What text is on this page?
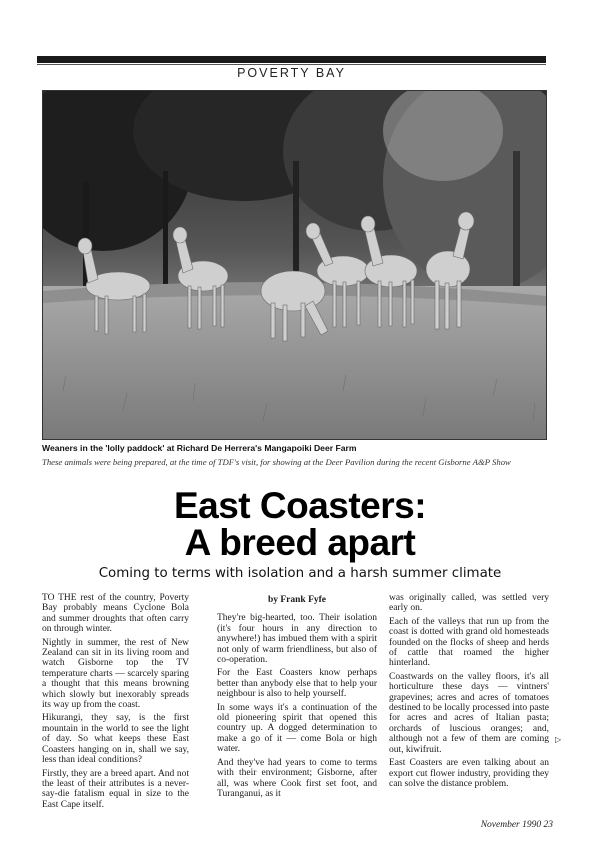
POVERTY BAY
Weaners in the 'lolly paddock' at Richard De Herrera's Mangapoiki Deer Farm
These animals were being prepared, at the time of TDF's visit, for showing at the Deer Pavilion during the recent Gisborne A&P Show
East Coasters:
A breed apart
Coming to terms with isolation and a harsh summer climate

TO THE rest of the country, Poverty Bay probably means Cyclone Bola and summer droughts that often carry on through winter.

Nightly in summer, the rest of New Zealand can sit in its living room and watch Gisborne top the TV temperature charts — scarcely sparing a thought that this means browning which slowly but inexorably spreads its way up from the coast.

Hikurangi, they say, is the first mountain in the world to see the light of day. So what keeps these East Coasters hanging on in, shall we say, less than ideal conditions?

Firstly, they are a breed apart. And not the least of their attributes is a never-say-die fatalism equal in size to the East Cape itself.

by Frank Fyfe

They're big-hearted, too. Their isolation (it's four hours in any direction to anywhere!) has imbued them with a spirit not only of warm friendliness, but also of co-operation.

For the East Coasters know perhaps better than anybody else that to help your neighbour is also to help yourself.

In some ways it's a continuation of the old pioneering spirit that opened this country up. A dogged determination to make a go of it — come Bola or high water.

And they've had years to come to terms with their environment; Gisborne, after all, was where Cook first set foot, and Turanganui, as it

was originally called, was settled very early on.

Each of the valleys that run up from the coast is dotted with grand old homesteads founded on the flocks of sheep and herds of cattle that roamed the higher hinterland.

Coastwards on the valley floors, it's all horticulture these days — vintners' grapevines; acres and acres of tomatoes destined to be locally processed into paste for acres and acres of Italian pasta; orchards of luscious oranges; and, although not a few of them are coming out, kiwifruit.

East Coasters are even talking about an export cut flower industry, providing they can solve the distance problem.

▷
November 1990 23
